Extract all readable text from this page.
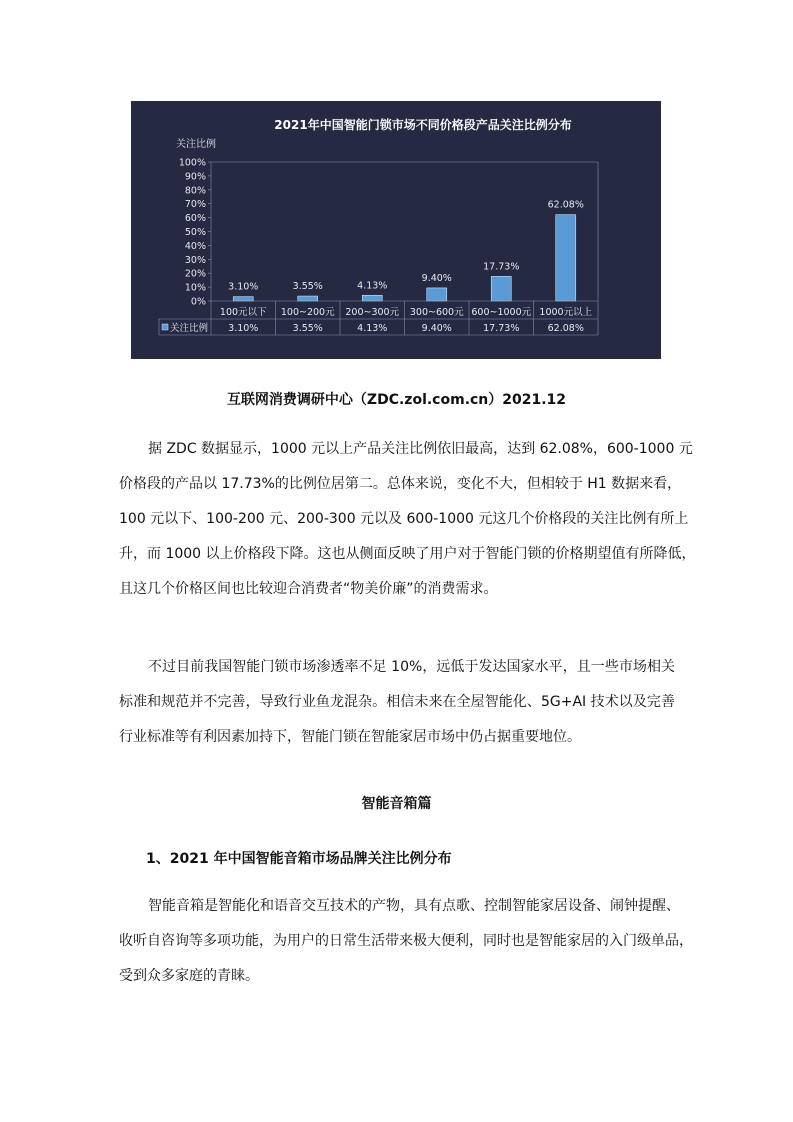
2021年中国智能门锁市场不同价格段产品关注比例分布
关注比例
0%
10%
20%
30%
40%
50%
60%
70%
80%
90%
100%
3.10%	3.55%	4.13%
9.40%
17.73%
62.08%
100元以下
3.10%
100~200元
3.55%
200~300元
4.13%
300~600元
9.40%
600~1000元
17.73%
1000元以上
62.08%
关注比例
互联网消费调研中心（ZDC.zol.com.cn）2021.12

据 ZDC 数据显示，1000 元以上产品关注比例依旧最高，达到 62.08%，600-1000 元
价格段的产品以 17.73%的比例位居第二。总体来说，变化不大，但相较于 H1 数据来看，
100 元以下、100-200 元、200-300 元以及 600-1000 元这几个价格段的关注比例有所上
升，而 1000 以上价格段下降。这也从侧面反映了用户对于智能门锁的价格期望值有所降低，
且这几个价格区间也比较迎合消费者“物美价廉”的消费需求。

不过目前我国智能门锁市场渗透率不足 10%，远低于发达国家水平，且一些市场相关
标准和规范并不完善，导致行业鱼龙混杂。相信未来在全屋智能化、5G+AI 技术以及完善
行业标准等有利因素加持下，智能门锁在智能家居市场中仍占据重要地位。

智能音箱篇
1、2021 年中国智能音箱市场品牌关注比例分布

智能音箱是智能化和语音交互技术的产物，具有点歌、控制智能家居设备、闹钟提醒、
收听自咨询等多项功能，为用户的日常生活带来极大便利，同时也是智能家居的入门级单品，
受到众多家庭的青睐。
